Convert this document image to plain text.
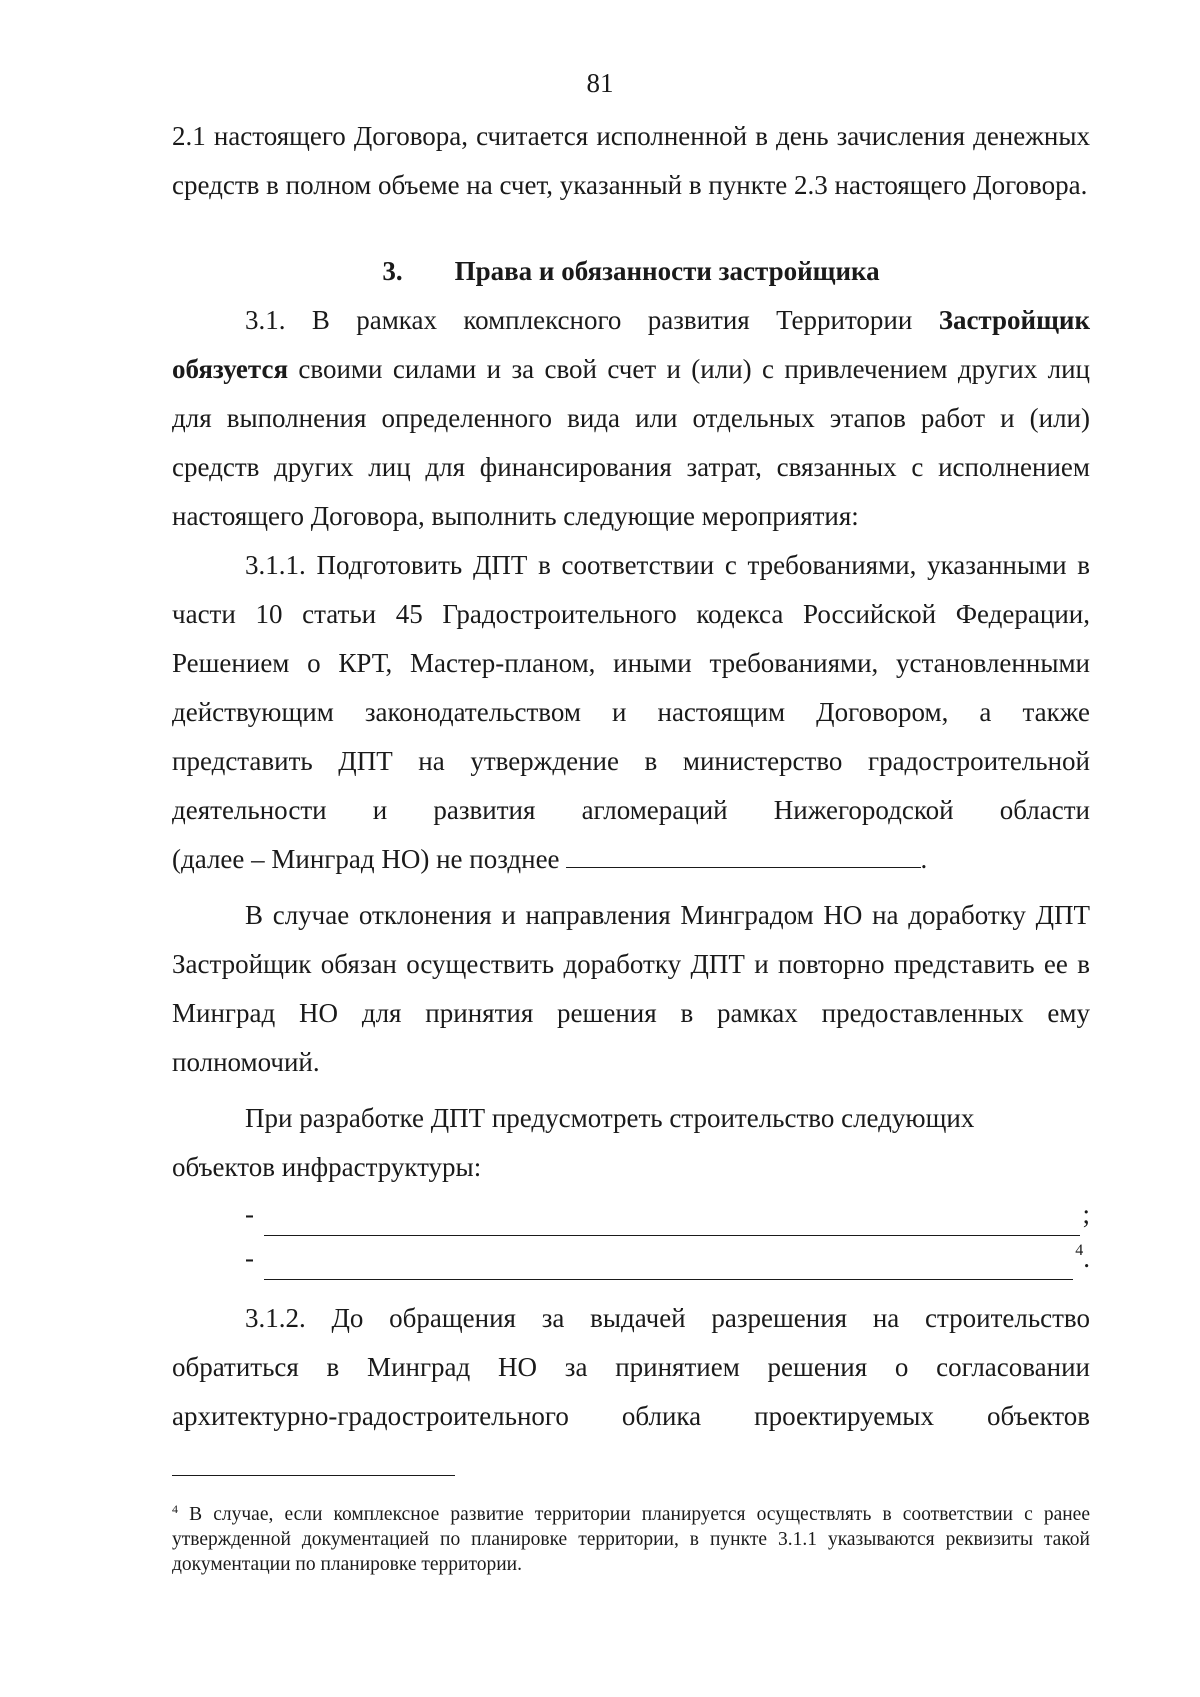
81

2.1 настоящего Договора, считается исполненной в день зачисления денежных средств в полном объеме на счет, указанный в пункте 2.3 настоящего Договора.

3. Права и обязанности застройщика

3.1. В рамках комплексного развития Территории Застройщик обязуется своими силами и за свой счет и (или) с привлечением других лиц для выполнения определенного вида или отдельных этапов работ и (или) средств других лиц для финансирования затрат, связанных с исполнением настоящего Договора, выполнить следующие мероприятия:

3.1.1. Подготовить ДПТ в соответствии с требованиями, указанными в части 10 статьи 45 Градостроительного кодекса Российской Федерации, Решением о КРТ, Мастер-планом, иными требованиями, установленными действующим законодательством и настоящим Договором, а также представить ДПТ на утверждение в министерство градостроительной деятельности и развития агломераций Нижегородской области

(далее – Минград НО) не позднее	.

В случае отклонения и направления Минградом НО на доработку ДПТ Застройщик обязан осуществить доработку ДПТ и повторно представить ее в Минград НО для принятия решения в рамках предоставленных ему полномочий.

При разработке ДПТ предусмотреть строительство следующих

объектов инфраструктуры:

-	;
-	$^4$.

3.1.2. До обращения за выдачей разрешения на строительство обратиться в Минград НО за принятием решения о согласовании архитектурно-градостроительного облика проектируемых объектов

$^4$ В случае, если комплексное развитие территории планируется осуществлять в соответствии с ранее утвержденной документацией по планировке территории, в пункте 3.1.1 указываются реквизиты такой документации по планировке территории.
